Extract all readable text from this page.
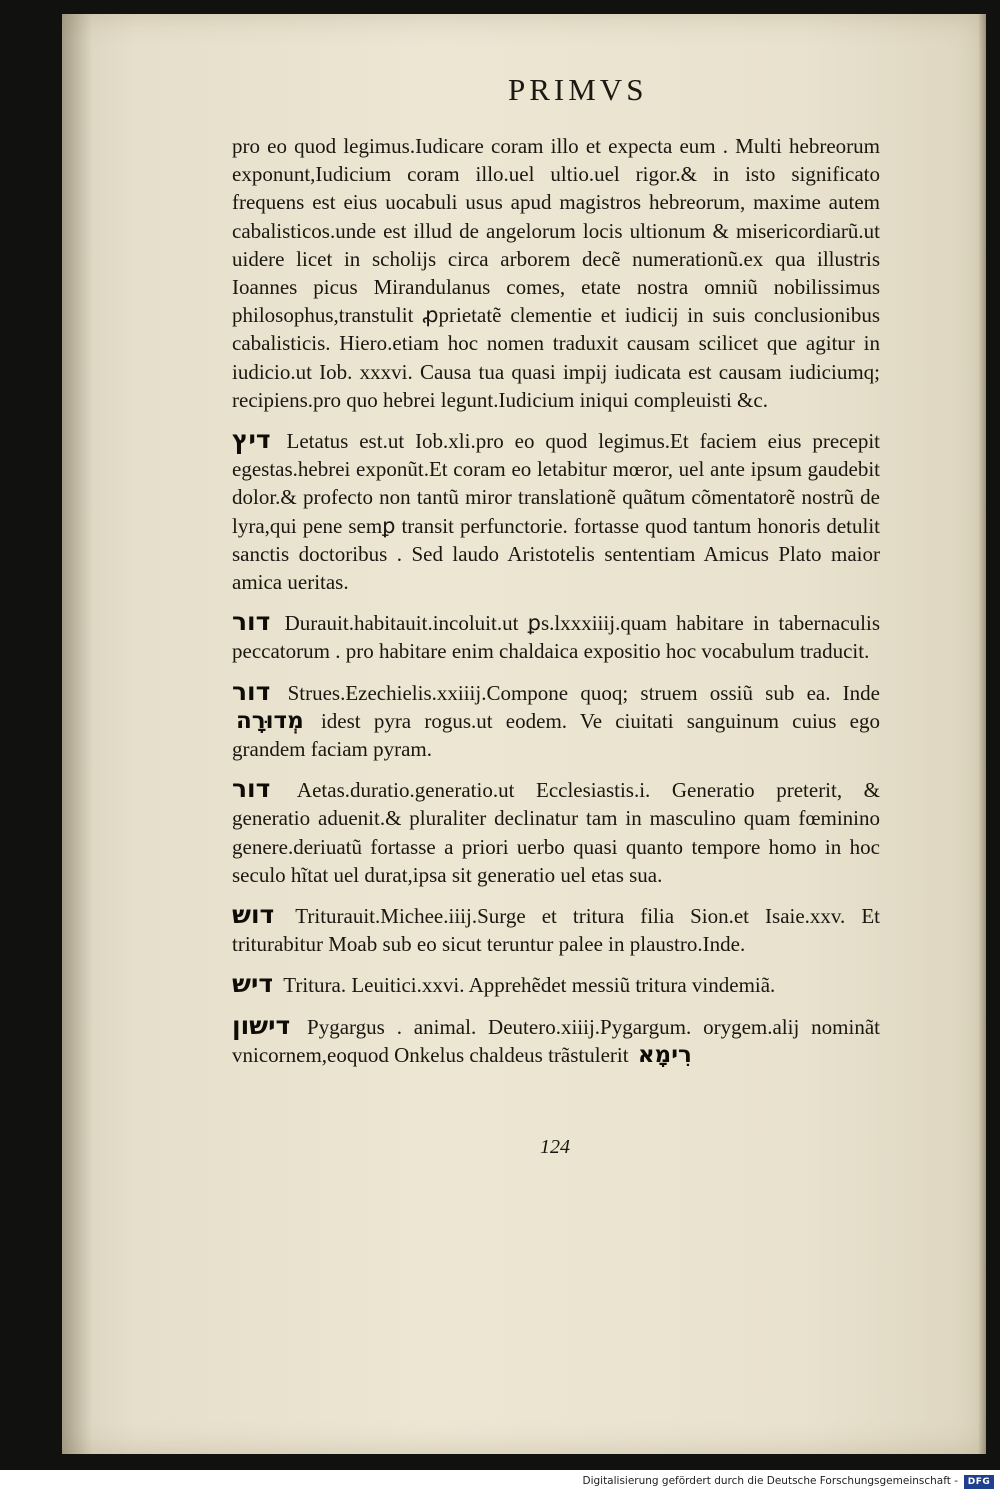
PRIMVS

pro eo quod legimus.Iudicare coram illo et expecta eum . Multi hebreorum exponunt,Iudicium coram illo.uel ultio.uel rigor.& in isto significato frequens est eius uocabuli usus apud magistros hebreorum, maxime autem cabalisticos.unde est illud de angelorum locis ultionum & misericordiarũ.ut uidere licet in scholijs circa arborem decẽ numerationũ.ex qua illustris Ioannes picus Mirandulanus comes, etate nostra omniũ nobilissimus philosophus,transtulit ꝓprietatẽ clementie et iudicij in suis conclusionibus cabalisticis. Hiero.etiam hoc nomen traduxit causam scilicet que agitur in iudicio.ut Iob. xxxvi. Causa tua quasi impij iudicata est causam iudiciumq; recipiens.pro quo hebrei legunt.Iudicium iniqui compleuisti &c.

דיץ Letatus est.ut Iob.xli.pro eo quod legimus.Et faciem eius precepit egestas.hebrei exponũt.Et coram eo letabitur mœror, uel ante ipsum gaudebit dolor.& profecto non tantũ miror translationẽ quãtum cõmentatorẽ nostrũ de lyra,qui pene semꝑ transit perfunctorie. fortasse quod tantum honoris detulit sanctis doctoribus . Sed laudo Aristotelis sententiam Amicus Plato maior amica ueritas.

דור Durauit.habitauit.incoluit.ut ꝑs.lxxxiiij.quam habitare in tabernaculis peccatorum . pro habitare enim chaldaica expositio hoc vocabulum traducit.

דור Strues.Ezechielis.xxiiij.Compone quoq; struem ossiũ sub ea. Inde מְדוּרָה idest pyra rogus.ut eodem. Ve ciuitati sanguinum cuius ego grandem faciam pyram.

דור Aetas.duratio.generatio.ut Ecclesiastis.i. Generatio preterit, & generatio aduenit.& pluraliter declinatur tam in masculino quam fœminino genere.deriuatũ fortasse a priori uerbo quasi quanto tempore homo in hoc seculo hĩtat uel durat,ipsa sit generatio uel etas sua.

דוש Triturauit.Michee.iiij.Surge et tritura filia Sion.et Isaie.xxv. Et triturabitur Moab sub eo sicut teruntur palee in plaustro.Inde.

דיש Tritura. Leuitici.xxvi. Apprehẽdet messiũ tritura vindemiã.

דישון Pygargus . animal. Deutero.xiiij.Pygargum. orygem.alij nominãt vnicornem,eoquod Onkelus chaldeus trãstulerit רִימָא

124
Digitalisierung gefördert durch die Deutsche Forschungsgemeinschaft -	DFG
